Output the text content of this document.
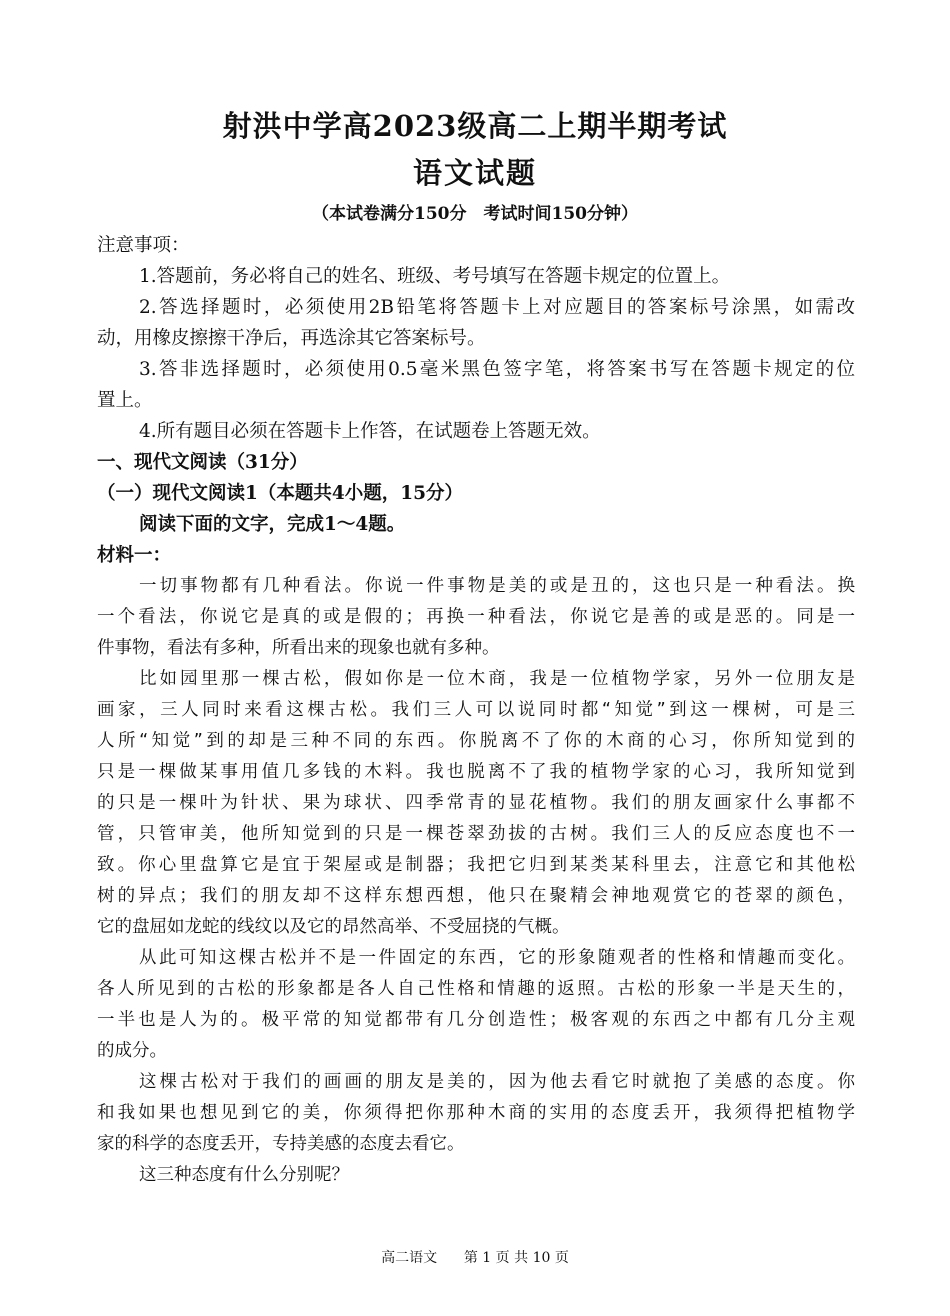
射洪中学高2023级高二上期半期考试
语文试题
（本试卷满分150分　考试时间150分钟）
注意事项：
1.答题前，务必将自己的姓名、班级、考号填写在答题卡规定的位置上。
2.答选择题时，必须使用2B铅笔将答题卡上对应题目的答案标号涂黑，如需改
动，用橡皮擦擦干净后，再选涂其它答案标号。
3.答非选择题时，必须使用0.5毫米黑色签字笔，将答案书写在答题卡规定的位
置上。
4.所有题目必须在答题卡上作答，在试题卷上答题无效。
一、现代文阅读（31分）
（一）现代文阅读1（本题共4小题，15分）
阅读下面的文字，完成1～4题。
材料一：
一切事物都有几种看法。你说一件事物是美的或是丑的，这也只是一种看法。换
一个看法，你说它是真的或是假的；再换一种看法，你说它是善的或是恶的。同是一
件事物，看法有多种，所看出来的现象也就有多种。
比如园里那一棵古松，假如你是一位木商，我是一位植物学家，另外一位朋友是
画家，三人同时来看这棵古松。我们三人可以说同时都“知觉”到这一棵树，可是三
人所“知觉”到的却是三种不同的东西。你脱离不了你的木商的心习，你所知觉到的
只是一棵做某事用值几多钱的木料。我也脱离不了我的植物学家的心习，我所知觉到
的只是一棵叶为针状、果为球状、四季常青的显花植物。我们的朋友画家什么事都不
管，只管审美，他所知觉到的只是一棵苍翠劲拔的古树。我们三人的反应态度也不一
致。你心里盘算它是宜于架屋或是制器；我把它归到某类某科里去，注意它和其他松
树的异点；我们的朋友却不这样东想西想，他只在聚精会神地观赏它的苍翠的颜色，
它的盘屈如龙蛇的线纹以及它的昂然高举、不受屈挠的气概。
从此可知这棵古松并不是一件固定的东西，它的形象随观者的性格和情趣而变化。
各人所见到的古松的形象都是各人自己性格和情趣的返照。古松的形象一半是天生的，
一半也是人为的。极平常的知觉都带有几分创造性；极客观的东西之中都有几分主观
的成分。
这棵古松对于我们的画画的朋友是美的，因为他去看它时就抱了美感的态度。你
和我如果也想见到它的美，你须得把你那种木商的实用的态度丢开，我须得把植物学
家的科学的态度丢开，专持美感的态度去看它。
这三种态度有什么分别呢？
高二语文 第 1 页 共 10 页
